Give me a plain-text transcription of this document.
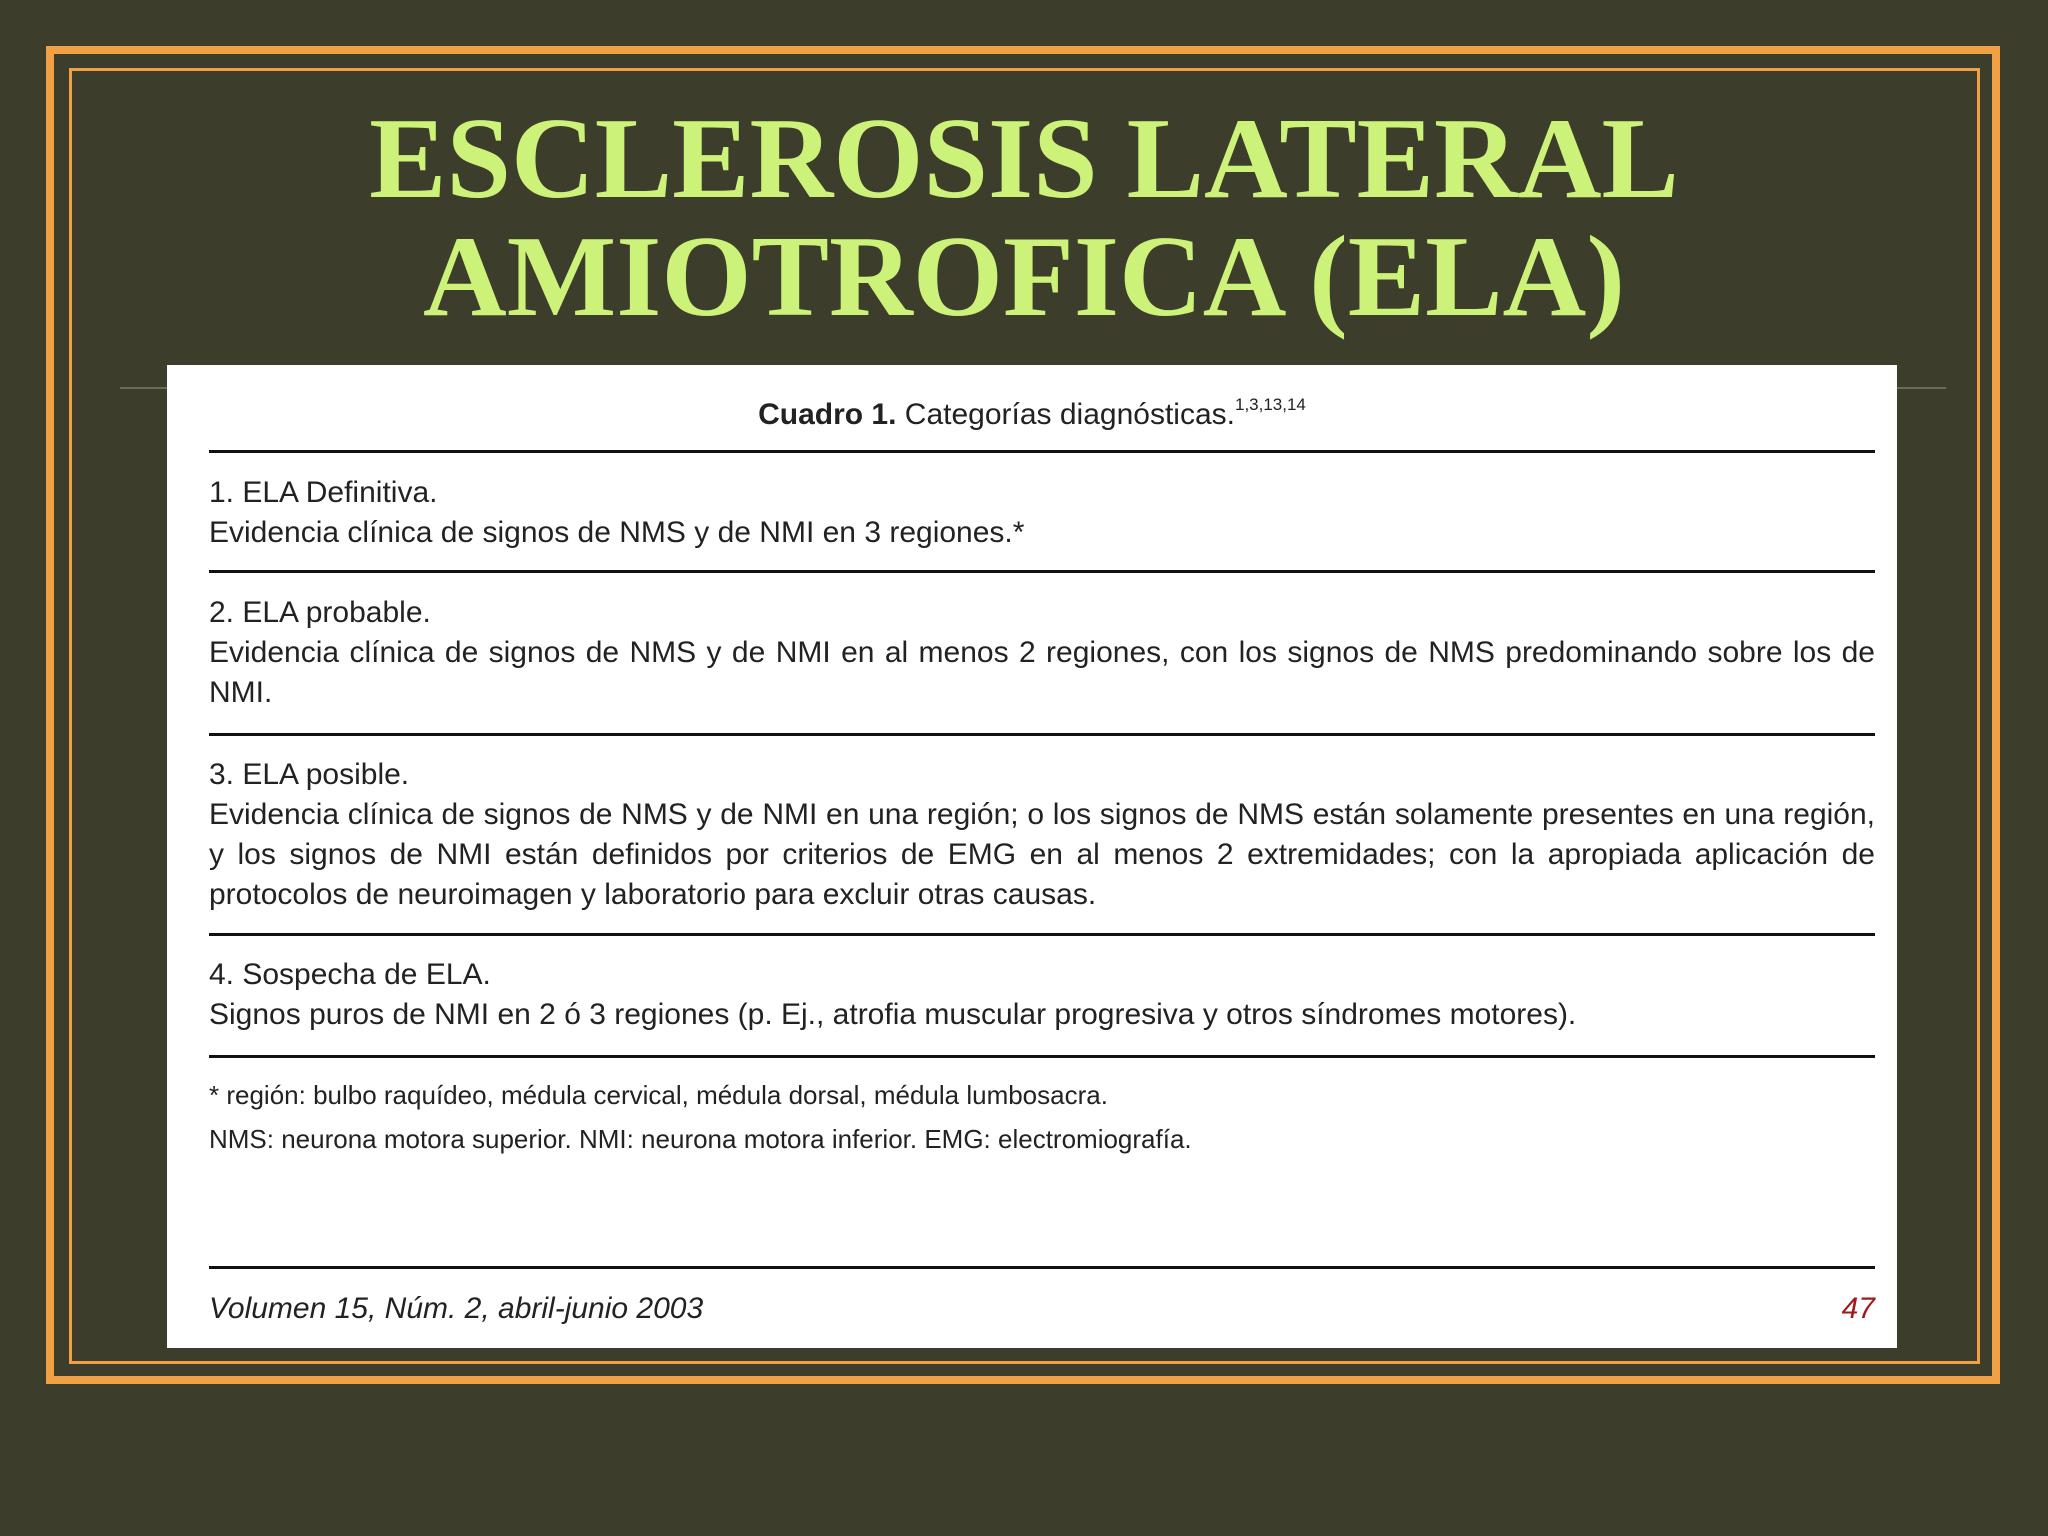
ESCLEROSIS LATERAL
AMIOTROFICA (ELA)
Cuadro 1. Categorías diagnósticas.$^{1,3,13,14}$
1. ELA Definitiva.
Evidencia clínica de signos de NMS y de NMI en 3 regiones.*
2. ELA probable.
Evidencia clínica de signos de NMS y de NMI en al menos 2 regiones, con los signos de NMS predominando sobre los de NMI.
3. ELA posible.
Evidencia clínica de signos de NMS y de NMI en una región; o los signos de NMS están solamente presentes en una región, y los signos de NMI están definidos por criterios de EMG en al menos 2 extremidades; con la apropiada aplicación de protocolos de neuroimagen y laboratorio para excluir otras causas.
4. Sospecha de ELA.
Signos puros de NMI en 2 ó 3 regiones (p. Ej., atrofia muscular progresiva y otros síndromes motores).
* región: bulbo raquídeo, médula cervical, médula dorsal, médula lumbosacra.
NMS: neurona motora superior. NMI: neurona motora inferior. EMG: electromiografía.
Volumen 15, Núm. 2, abril-junio 2003	47
